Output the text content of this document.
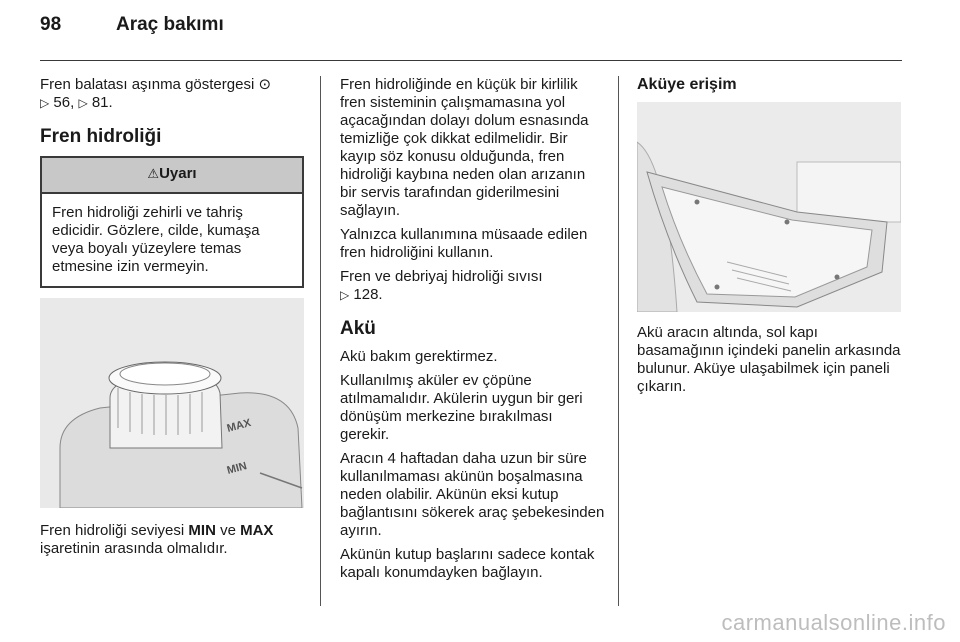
98	Araç bakımı

Fren balatası aşınma göstergesi ⊙
▷ 56, ▷ 81.

Fren hidroliği
⚠Uyarı
Fren hidroliği zehirli ve tahriş edicidir. Gözlere, cilde, kumaşa veya boyalı yüzeylere temas etmesine izin vermeyin.
MAX
MIN

Fren hidroliği seviyesi MIN ve MAX
işaretinin arasında olmalıdır.

Fren hidroliğinde en küçük bir kirlilik fren sisteminin çalışmamasına yol açacağından dolayı dolum esnasında temizliğe çok dikkat edilmelidir. Bir kayıp söz konusu olduğunda, fren hidroliği kaybına neden olan arızanın bir servis tarafından giderilmesini sağlayın.

Yalnızca kullanımına müsaade edilen fren hidroliğini kullanın.

Fren ve debriyaj hidroliği sıvısı
▷ 128.

Akü

Akü bakım gerektirmez.

Kullanılmış aküler ev çöpüne atılmamalıdır. Akülerin uygun bir geri dönüşüm merkezine bırakılması gerekir.

Aracın 4 haftadan daha uzun bir süre kullanılmaması akünün boşalmasına neden olabilir. Akünün eksi kutup bağlantısını sökerek araç şebekesinden ayırın.

Akünün kutup başlarını sadece kontak kapalı konumdayken bağlayın.

Aküye erişim

Akü aracın altında, sol kapı basamağının içindeki panelin arkasında bulunur. Aküye ulaşabilmek için paneli çıkarın.

carmanualsonline.info
